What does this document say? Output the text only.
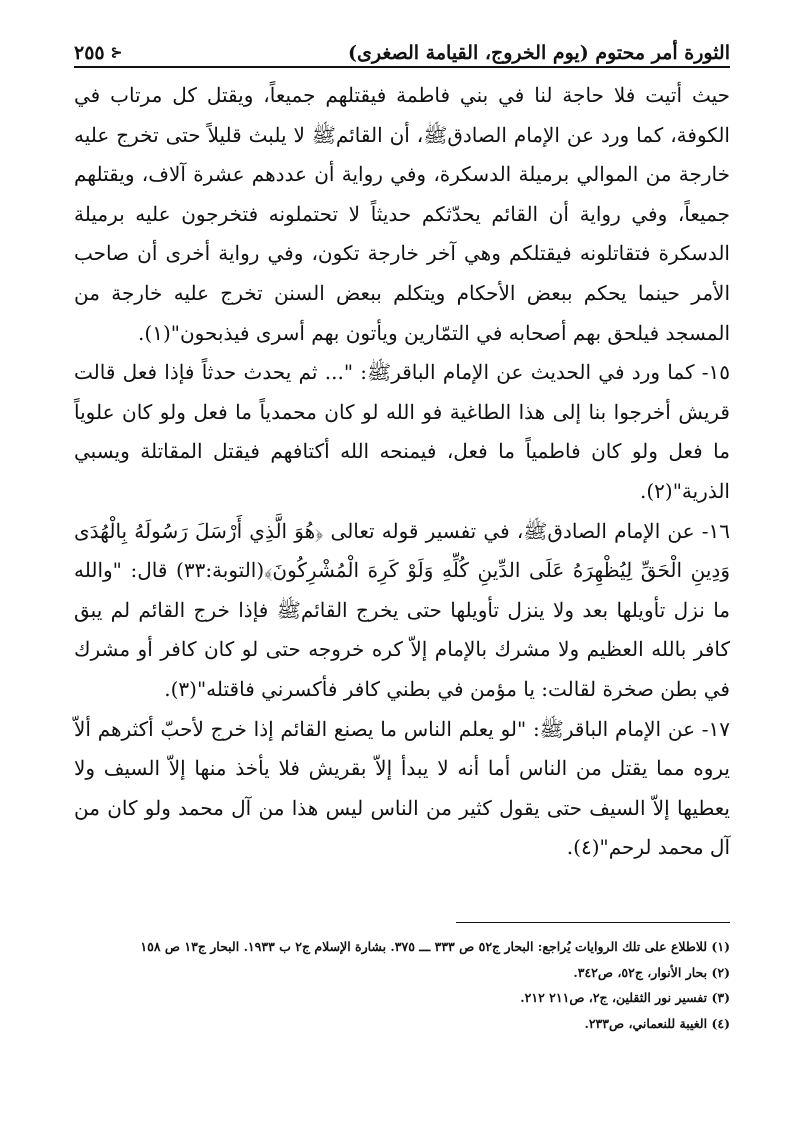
الثورة أمر محتوم (يوم الخروج، القيامة الصغرى)
⊰
٢٥٥

حيث أتيت فلا حاجة لنا في بني فاطمة فيقتلهم جميعاً، ويقتل كل مرتاب في الكوفة، كما ورد عن الإمام الصادقﷺ، أن القائمﷺ لا يلبث قليلاً حتى تخرج عليه خارجة من الموالي برميلة الدسكرة، وفي رواية أن عددهم عشرة آلاف، ويقتلهم جميعاً، وفي رواية أن القائم يحدّثكم حديثاً لا تحتملونه فتخرجون عليه برميلة الدسكرة فتقاتلونه فيقتلكم وهي آخر خارجة تكون، وفي رواية أخرى أن صاحب الأمر حينما يحكم ببعض الأحكام ويتكلم ببعض السنن تخرج عليه خارجة من المسجد فيلحق بهم أصحابه في التمّارين ويأتون بهم أسرى فيذبحون"(١).

١٥- كما ورد في الحديث عن الإمام الباقرﷺ: "... ثم يحدث حدثاً فإذا فعل قالت قريش أخرجوا بنا إلى هذا الطاغية فو الله لو كان محمدياً ما فعل ولو كان علوياً ما فعل ولو كان فاطمياً ما فعل، فيمنحه الله أكتافهم فيقتل المقاتلة ويسبي الذرية"(٢).

١٦- عن الإمام الصادقﷺ، في تفسير قوله تعالى ﴿هُوَ الَّذِي أَرْسَلَ رَسُولَهُ بِالْهُدَى وَدِينِ الْحَقِّ لِيُظْهِرَهُ عَلَى الدِّينِ كُلِّهِ وَلَوْ كَرِهَ الْمُشْرِكُونَ﴾(التوبة:٣٣) قال: "والله ما نزل تأويلها بعد ولا ينزل تأويلها حتى يخرج القائمﷺ فإذا خرج القائم لم يبق كافر بالله العظيم ولا مشرك بالإمام إلاّ كره خروجه حتى لو كان كافر أو مشرك في بطن صخرة لقالت: يا مؤمن في بطني كافر فأكسرني فاقتله"(٣).

١٧- عن الإمام الباقرﷺ: "لو يعلم الناس ما يصنع القائم إذا خرج لأحبّ أكثرهم ألاّ يروه مما يقتل من الناس أما أنه لا يبدأ إلاّ بقريش فلا يأخذ منها إلاّ السيف ولا يعطيها إلاّ السيف حتى يقول كثير من الناس ليس هذا من آل محمد ولو كان من آل محمد لرحم"(٤).

(١) للاطلاع على تلك الروايات يُراجع: البحار ج٥٢ ص ٣٣٣ ـــ ٣٧٥. بشارة الإسلام ج٢ ب ١٩٣٣. البحار ج١٣ ص ١٥٨

(٢) بحار الأنوار، ج٥٢، ص٣٤٢.

(٣) تفسير نور الثقلين، ج٢، ص٢١١ ٢١٢.

(٤) الغيبة للنعماني، ص٢٣٣.
